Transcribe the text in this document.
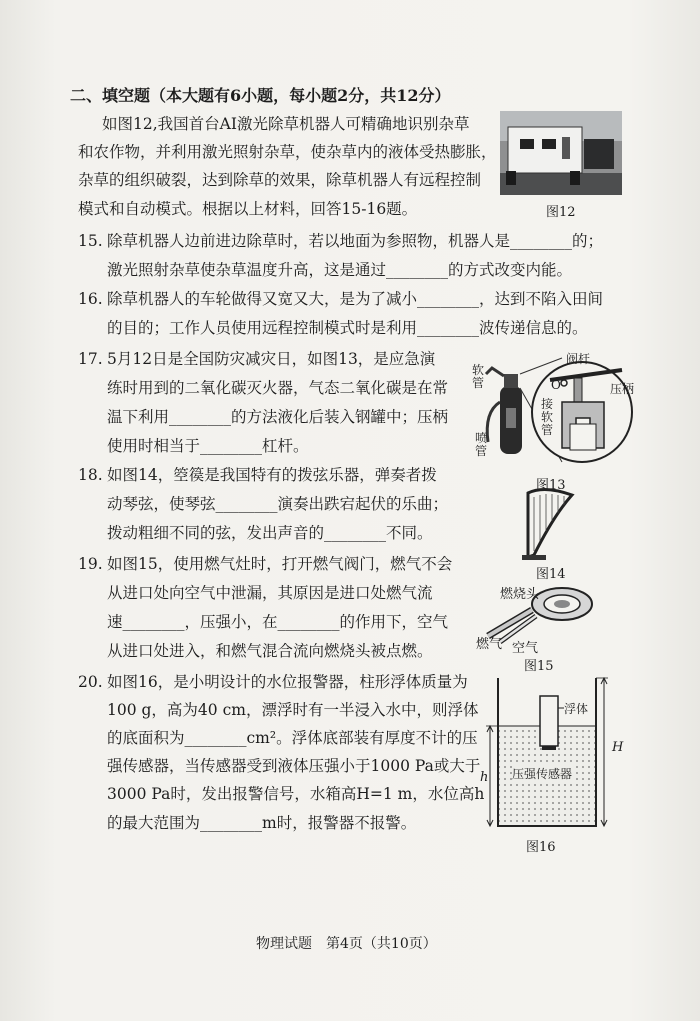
二、填空题（本大题有6小题，每小题2分，共12分）
如图12,我国首台AI激光除草机器人可精确地识别杂草
和农作物，并利用激光照射杂草，使杂草内的液体受热膨胀，
杂草的组织破裂，达到除草的效果，除草机器人有远程控制
模式和自动模式。根据以上材料，回答15-16题。	图12
15. 除草机器人边前进边除草时，若以地面为参照物，机器人是________的；
激光照射杂草使杂草温度升高，这是通过________的方式改变内能。
16. 除草机器人的车轮做得又宽又大，是为了减小________，达到不陷入田间
的目的；工作人员使用远程控制模式时是利用________波传递信息的。
17. 5月12日是全国防灾减灾日，如图13，是应急演
练时用到的二氧化碳灭火器，气态二氧化碳是在常
温下利用________的方法液化后装入钢罐中；压柄
使用时相当于________杠杆。
软管
阀杆
O	压柄
接软管
喷管
图13
18. 如图14，箜篌是我国特有的拨弦乐器，弹奏者拨
动琴弦，使琴弦________演奏出跌宕起伏的乐曲；
拨动粗细不同的弦，发出声音的________不同。
图14
19. 如图15，使用燃气灶时，打开燃气阀门，燃气不会
从进口处向空气中泄漏，其原因是进口处燃气流
速________，压强小，在________的作用下，空气
从进口处进入，和燃气混合流向燃烧头被点燃。
燃烧头
燃气 空气
图15
20. 如图16，是小明设计的水位报警器，柱形浮体质量为
100 g，高为40 cm，漂浮时有一半浸入水中，则浮体
的底面积为________cm²。浮体底部装有厚度不计的压
强传感器，当传感器受到液体压强小于1000 Pa或大于
3000 Pa时，发出报警信号，水箱高H=1 m，水位高h
的最大范围为________m时，报警器不报警。
浮体
压强传感器
H
h
图16
物理试题　第4页（共10页）
